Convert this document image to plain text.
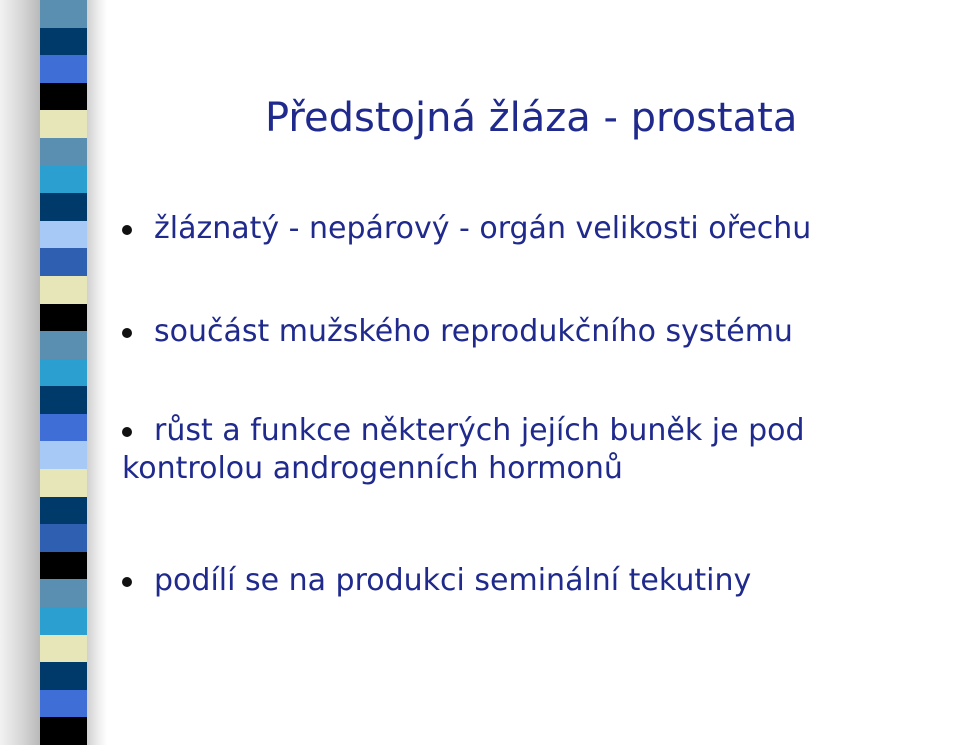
Předstojná žláza - prostata
žláznatý - nepárový - orgán velikosti ořechu
součást mužského reprodukčního systému
růst a funkce některých jejích buněk je pod
kontrolou androgenních hormonů
podílí se na produkci seminální tekutiny
